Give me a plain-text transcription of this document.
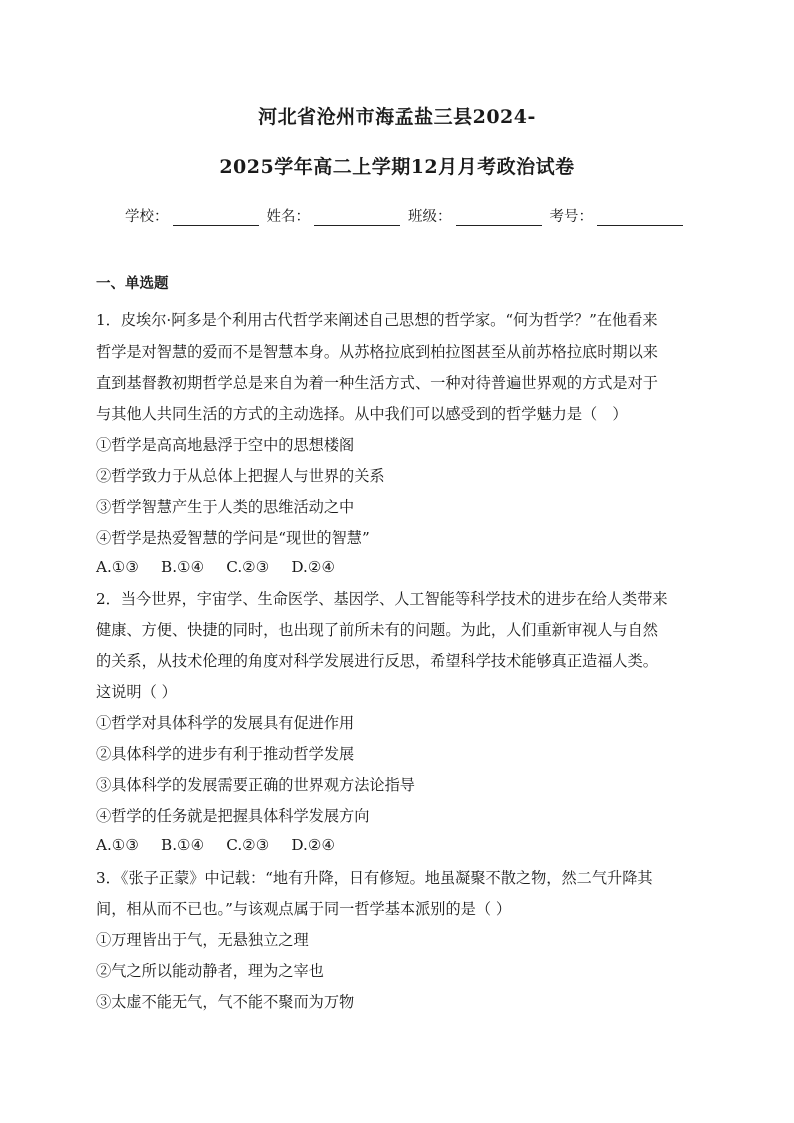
河北省沧州市海孟盐三县2024-
2025学年高二上学期12月月考政治试卷
学校：	姓名：	班级：	考号：
一、单选题
1．皮埃尔·阿多是个利用古代哲学来阐述自己思想的哲学家。“何为哲学？”在他看来
哲学是对智慧的爱而不是智慧本身。从苏格拉底到柏拉图甚至从前苏格拉底时期以来
直到基督教初期哲学总是来自为着一种生活方式、一种对待普遍世界观的方式是对于
与其他人共同生活的方式的主动选择。从中我们可以感受到的哲学魅力是（　）
①哲学是高高地悬浮于空中的思想楼阁
②哲学致力于从总体上把握人与世界的关系
③哲学智慧产生于人类的思维活动之中
④哲学是热爱智慧的学问是“现世的智慧”
A.①③ B.①④ C.②③ D.②④
2．当今世界，宇宙学、生命医学、基因学、人工智能等科学技术的进步在给人类带来
健康、方便、快捷的同时，也出现了前所未有的问题。为此，人们重新审视人与自然
的关系，从技术伦理的角度对科学发展进行反思，希望科学技术能够真正造福人类。
这说明（ ）
①哲学对具体科学的发展具有促进作用
②具体科学的进步有利于推动哲学发展
③具体科学的发展需要正确的世界观方法论指导
④哲学的任务就是把握具体科学发展方向
A.①③ B.①④ C.②③ D.②④
3．《张子正蒙》中记载：“地有升降，日有修短。地虽凝聚不散之物，然二气升降其
间，相从而不已也。”与该观点属于同一哲学基本派别的是（ ）
①万理皆出于气，无悬独立之理
②气之所以能动静者，理为之宰也
③太虚不能无气，气不能不聚而为万物
